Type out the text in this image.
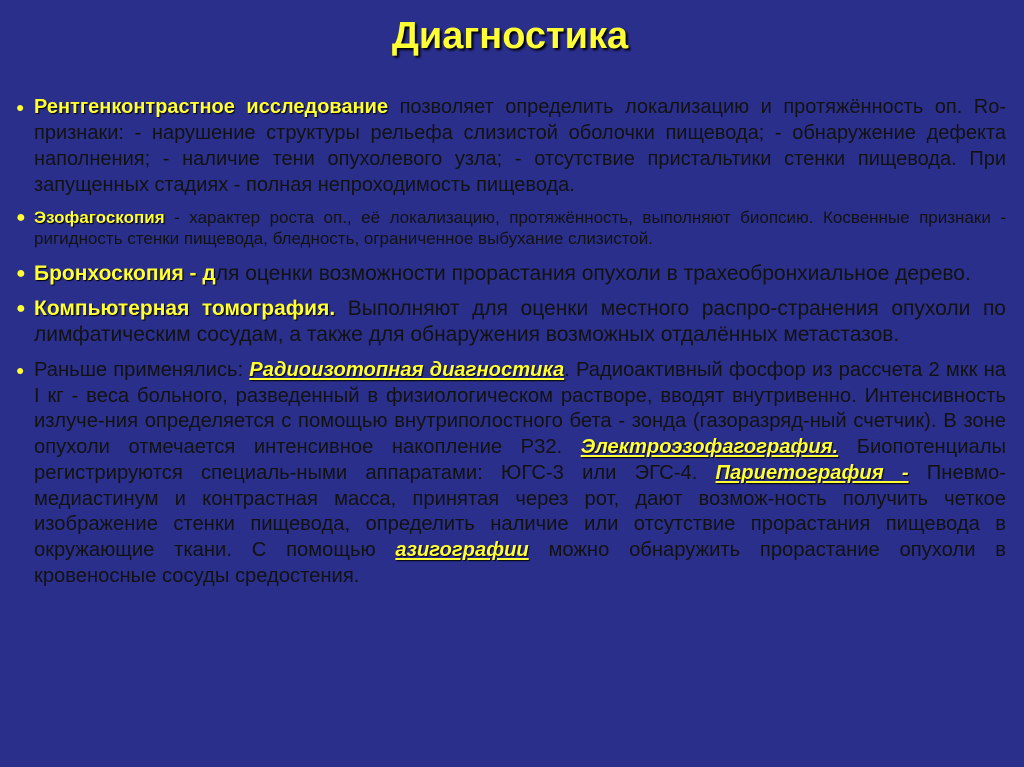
Диагностика
● Рентгенконтрастное исследование позволяет определить локализацию и протяжённость оп. Ro- признаки: - нарушение структуры рельефа слизистой оболочки пищевода; - обнаружение дефекта наполнения; - наличие тени опухолевого узла; - отсутствие пристальтики стенки пищевода. При запущенных стадиях - полная непроходимость пищевода.
● Эзофагоскопия - характер роста оп., её локализацию, протяжённость, выполняют биопсию. Косвенные признаки - ригидность стенки пищевода, бледность, ограниченное выбухание слизистой.
● Бронхоскопия - для оценки возможности прорастания опухоли в трахеобронхиальное дерево.
● Компьютерная томография. Выполняют для оценки местного распро-странения опухоли по лимфатическим сосудам, а также для обнаружения возможных отдалённых метастазов.
● Раньше применялись: Радиоизотопная диагностика. Радиоактивный фосфор из рассчета 2 мкк на I кг - веса больного, разведенный в физиологическом растворе, вводят внутривенно. Интенсивность излуче-ния определяется с помощью внутриполостного бета - зонда (газоразряд-ный счетчик). В зоне опухоли отмечается интенсивное накопление Р32. Электроэзофагография. Биопотенциалы регистрируются специаль-ными аппаратами: ЮГС-3 или ЭГС-4. Париетография - Пневмо-медиастинум и контрастная масса, принятая через рот, дают возмож-ность получить четкое изображение стенки пищевода, определить наличие или отсутствие прорастания пищевода в окружающие ткани. С помощью азигографии можно обнаружить прорастание опухоли в кровеносные сосуды средостения.
